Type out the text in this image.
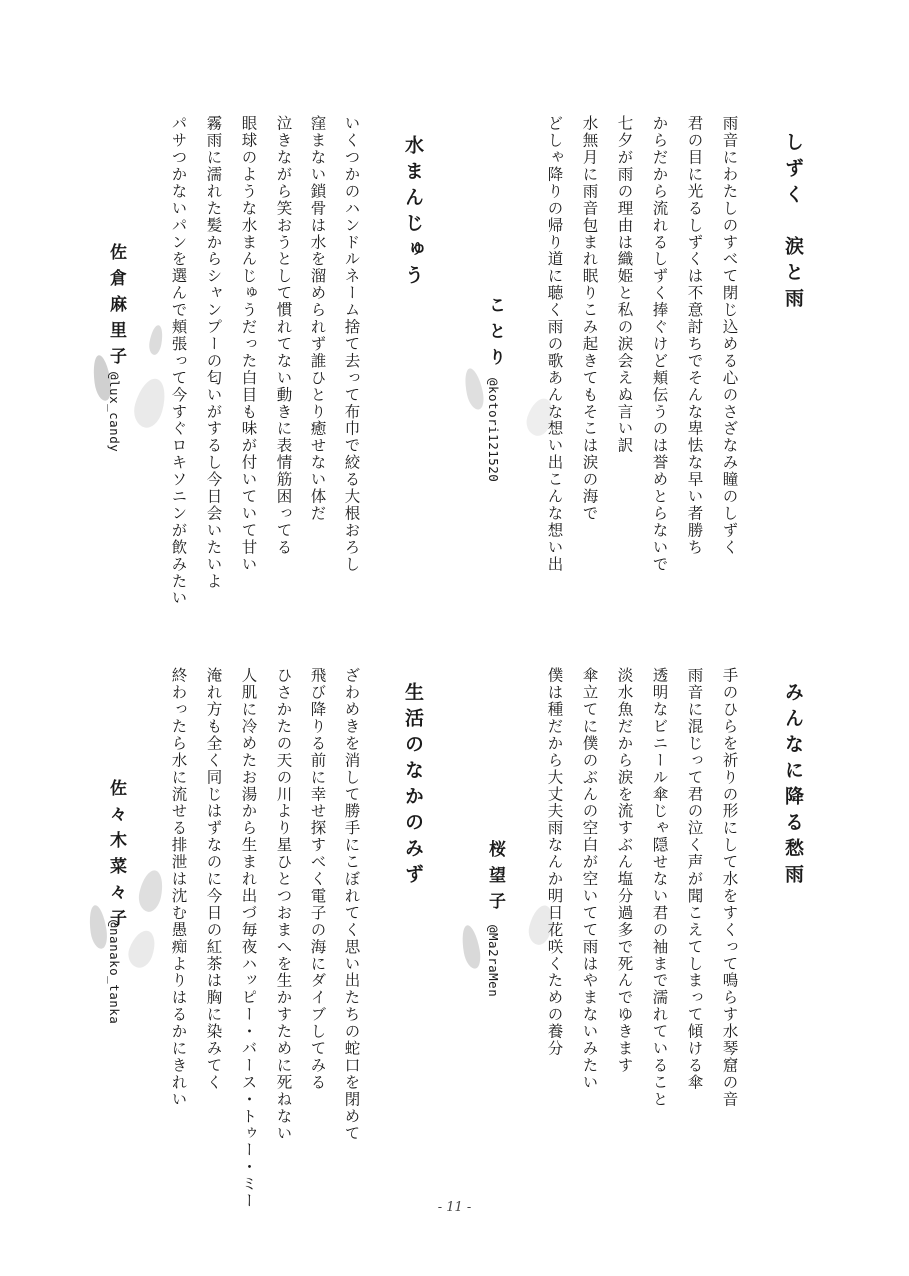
しずく　涙と雨

雨音にわたしのすべて閉じ込める心のさざなみ瞳のしずく

君の目に光るしずくは不意討ちでそんな卑怯な早い者勝ち

からだから流れるしずく捧ぐけど頬伝うのは誉めとらないで

七夕が雨の理由は織姫と私の涙会えぬ言い訳

水無月に雨音包まれ眠りこみ起きてもそこは涙の海で

どしゃ降りの帰り道に聴く雨の歌あんな想い出こんな想い出

ことり
@kotori121520
水まんじゅう

いくつかのハンドルネーム捨て去って布巾で絞る大根おろし

窪まない鎖骨は水を溜められず誰ひとり癒せない体だ

泣きながら笑おうとして慣れてない動きに表情筋困ってる

眼球のような水まんじゅうだった白目も味が付いていて甘い

霧雨に濡れた髪からシャンプーの匂いがするし今日会いたいよ

パサつかないパンを選んで頬張って今すぐロキソニンが飲みたい

佐倉麻里子
@lux_candy
みんなに降る愁雨

手のひらを祈りの形にして水をすくって鳴らす水琴窟の音

雨音に混じって君の泣く声が聞こえてしまって傾ける傘

透明なビニール傘じゃ隠せない君の袖まで濡れていること

淡水魚だから涙を流すぶん塩分過多で死んでゆきます

傘立てに僕のぶんの空白が空いてて雨はやまないみたい

僕は種だから大丈夫雨なんか明日花咲くための養分

桜望子
@Ma2raMen
生活のなかのみず

ざわめきを消して勝手にこぼれてく思い出たちの蛇口を閉めて

飛び降りる前に幸せ探すべく電子の海にダイブしてみる

ひさかたの天の川より星ひとつおまへを生かすために死ねない

人肌に冷めたお湯から生まれ出づ毎夜ハッピー・バース・トゥー・ミー

淹れ方も全く同じはずなのに今日の紅茶は胸に染みてく

終わったら水に流せる排泄は沈む愚痴よりはるかにきれい

佐々木菜々子
@nanako_tanka
- 11 -
